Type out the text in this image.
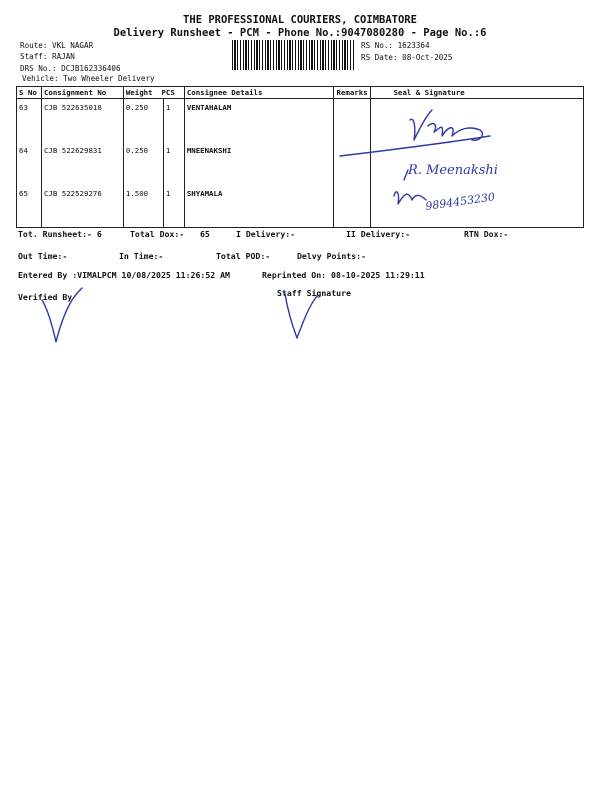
THE PROFESSIONAL COURIERS, COIMBATORE
Delivery Runsheet - PCM - Phone No.:9047080280 - Page No.:6
Route: VKL NAGAR
Staff: RAJAN
DRS No.: DCJB162336406
Vehicle: Two Wheeler Delivery
RS No.: 1623364
RS Date: 08-Oct-2025
S No	Consignment No	Weight PCS		Consignee Details	Remarks	Seal & Signature
63	CJB 522635018	0.250	1	VENTAHALAM		
64	CJB 522629831	0.250	1	MNEENAKSHI		
65	CJB 522529276	1.500	1	SHYAMALA		
Tot. Runsheet:- 6	Total Dox:- 65	I Delivery:-	II Delivery:-	RTN Dox:-
Out Time:-	In Time:-	Total POD:-	Delvy Points:-
Entered By :VIMALPCM 10/08/2025 11:26:52 AM	Reprinted On: 08-10-2025 11:29:11
Verified By	Staff Signature
R. Meenakshi
9894453230
